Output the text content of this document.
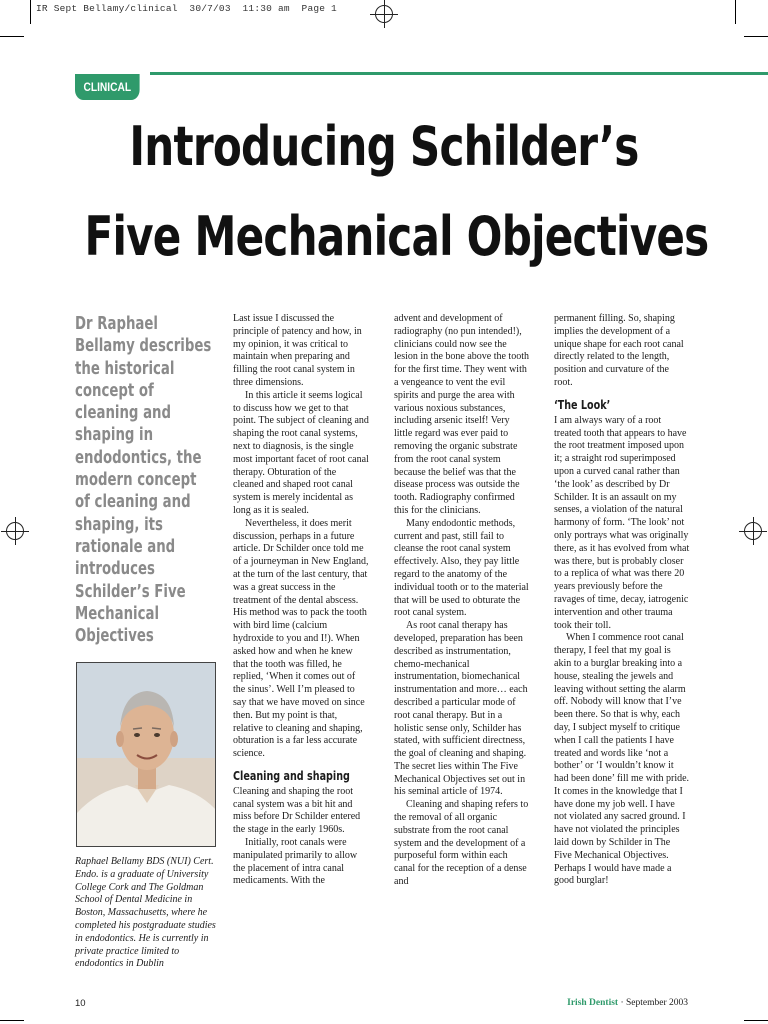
IR Sept Bellamy/clinical  30/7/03  11:30 am  Page 1
CLINICAL
Introducing Schilder’s
Five Mechanical Objectives
Dr Raphael Bellamy describes the historical concept of cleaning and shaping in endodontics, the modern concept of cleaning and shaping, its rationale and introduces Schilder’s Five Mechanical Objectives
Raphael Bellamy BDS (NUI) Cert. Endo. is a graduate of University College Cork and The Goldman School of Dental Medicine in Boston, Massachusetts, where he completed his postgraduate studies in endodontics. He is currently in private practice limited to endodontics in Dublin

Last issue I discussed the principle of patency and how, in my opinion, it was critical to maintain when preparing and filling the root canal system in three dimensions.

In this article it seems logical to discuss how we get to that point. The subject of cleaning and shaping the root canal systems, next to diagnosis, is the single most important facet of root canal therapy. Obturation of the cleaned and shaped root canal system is merely incidental as long as it is sealed.

Nevertheless, it does merit discussion, perhaps in a future article. Dr Schilder once told me of a journeyman in New England, at the turn of the last century, that was a great success in the treatment of the dental abscess. His method was to pack the tooth with bird lime (calcium hydroxide to you and I!). When asked how and when he knew that the tooth was filled, he replied, ‘When it comes out of the sinus’. Well I’m pleased to say that we have moved on since then. But my point is that, relative to cleaning and shaping, obturation is a far less accurate science.

Cleaning and shaping

Cleaning and shaping the root canal system was a bit hit and miss before Dr Schilder entered the stage in the early 1960s.

Initially, root canals were manipulated primarily to allow the placement of intra canal medicaments. With the

advent and development of radiography (no pun intended!), clinicians could now see the lesion in the bone above the tooth for the first time. They went with a vengeance to vent the evil spirits and purge the area with various noxious substances, including arsenic itself! Very little regard was ever paid to removing the organic substrate from the root canal system because the belief was that the disease process was outside the tooth. Radiography confirmed this for the clinicians.

Many endodontic methods, current and past, still fail to cleanse the root canal system effectively. Also, they pay little regard to the anatomy of the individual tooth or to the material that will be used to obturate the root canal system.

As root canal therapy has developed, preparation has been described as instrumentation, chemo-mechanical instrumentation, biomechanical instrumentation and more… each described a particular mode of root canal therapy. But in a holistic sense only, Schilder has stated, with sufficient directness, the goal of cleaning and shaping. The secret lies within The Five Mechanical Objectives set out in his seminal article of 1974.

Cleaning and shaping refers to the removal of all organic substrate from the root canal system and the development of a purposeful form within each canal for the reception of a dense and

permanent filling. So, shaping implies the development of a unique shape for each root canal directly related to the length, position and curvature of the root.

‘The Look’

I am always wary of a root treated tooth that appears to have the root treatment imposed upon it; a straight rod superimposed upon a curved canal rather than ‘the look’ as described by Dr Schilder. It is an assault on my senses, a violation of the natural harmony of form. ‘The look’ not only portrays what was originally there, as it has evolved from what was there, but is probably closer to a replica of what was there 20 years previously before the ravages of time, decay, iatrogenic intervention and other trauma took their toll.

When I commence root canal therapy, I feel that my goal is akin to a burglar breaking into a house, stealing the jewels and leaving without setting the alarm off. Nobody will know that I’ve been there. So that is why, each day, I subject myself to critique when I call the patients I have treated and words like ‘not a bother’ or ‘I wouldn’t know it had been done’ fill me with pride. It comes in the knowledge that I have done my job well. I have not violated any sacred ground. I have not violated the principles laid down by Schilder in The Five Mechanical Objectives. Perhaps I would have made a good burglar!

10	Irish Dentist · September 2003
